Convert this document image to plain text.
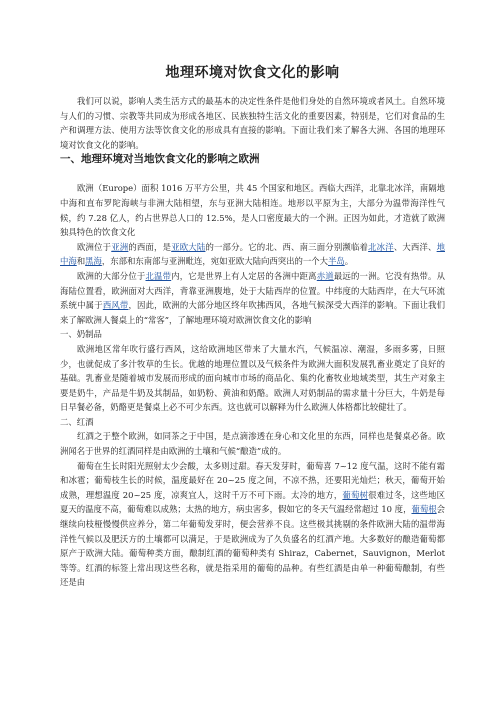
地理环境对饮食文化的影响

我们可以说，影响人类生活方式的最基本的决定性条件是他们身处的自然环境或者风土。自然环境与人们的习惯、宗教等共同成为形成各地区、民族独特生活文化的重要因素，特别是，它们对食品的生产和调理方法、使用方法等饮食文化的形成具有直接的影响。下面让我们来了解各大洲、各国的地理环境对饮食文化的影响。

一、地理环境对当地饮食文化的影响之欧洲

欧洲（Europe）面积 1016 万平方公里，共 45 个国家和地区。西临大西洋，北靠北冰洋，南隔地中海和直布罗陀海峡与非洲大陆相望，东与亚洲大陆相连。地形以平原为主，大部分为温带海洋性气候，约 7.28 亿人，约占世界总人口的 12.5%，是人口密度最大的一个洲。正因为如此，才造就了欧洲独具特色的饮食文化

欧洲位于亚洲的西面，是亚欧大陆的一部分。它的北、西、南三面分别濒临着北冰洋、大西洋、地中海和黑海，东部和东南部与亚洲毗连，宛如亚欧大陆向西突出的一个大半岛。

欧洲的大部分位于北温带内，它是世界上有人定居的各洲中距离赤道最远的一洲。它没有热带。从海陆位置看，欧洲面对大西洋，背靠亚洲腹地，处于大陆西岸的位置。中纬度的大陆西岸，在大气环流系统中属于西风带，因此，欧洲的大部分地区终年吹拂西风，各地气候深受大西洋的影响。下面让我们来了解欧洲人餐桌上的“常客”，了解地理环境对欧洲饮食文化的影响

一、奶制品

欧洲地区常年吹行盛行西风，这给欧洲地区带来了大量水汽，气候温凉、潮湿，多雨多雾，日照少，也就促成了多汁牧草的生长。优越的地理位置以及气候条件为欧洲大面积发展乳畜业奠定了良好的基础。乳畜业是随着城市发展而形成的面向城市市场的商品化、集约化畜牧业地域类型，其生产对象主要是奶牛，产品是牛奶及其制品，如奶粉、黄油和奶酪。欧洲人对奶制品的需求量十分巨大，牛奶是每日早餐必备，奶酪更是餐桌上必不可少东西。这也就可以解释为什么欧洲人体格都比较健壮了。

二、红酒

红酒之于整个欧洲，如同茶之于中国，是点滴渗透在身心和文化里的东西，同样也是餐桌必备。欧洲闻名于世界的红酒同样是由欧洲的土壤和气候“酿造”成的。

葡萄在生长时阳光照射太少会酸，太多则过甜。春天发芽时，葡萄喜 7~12 度气温，这时不能有霜和冰雹；葡萄枝生长的时候，温度最好在 20~25 度之间，不凉不热，还要阳光灿烂；秋天，葡萄开始成熟，理想温度 20~25 度，凉爽宜人，这时千万不可下雨。太冷的地方，葡萄树很难过冬，这些地区夏天的温度不高，葡萄难以成熟；太热的地方，病虫害多，假如它的冬天气温经常超过 10 度，葡萄根会继续向枝桠慢慢供应养分，第二年葡萄发芽时，便会营养不良。这些极其挑剔的条件欧洲大陆的温带海洋性气候以及肥沃方的土壤都可以满足，于是欧洲成为了久负盛名的红酒产地。大多数好的酿造葡萄都原产于欧洲大陆。葡萄种类方面，酿制红酒的葡萄种类有 Shiraz，Cabernet，Sauvignon，Merlot 等等。红酒的标签上常出现这些名称，就是指采用的葡萄的品种。有些红酒是由单一种葡萄酿制，有些还是由
